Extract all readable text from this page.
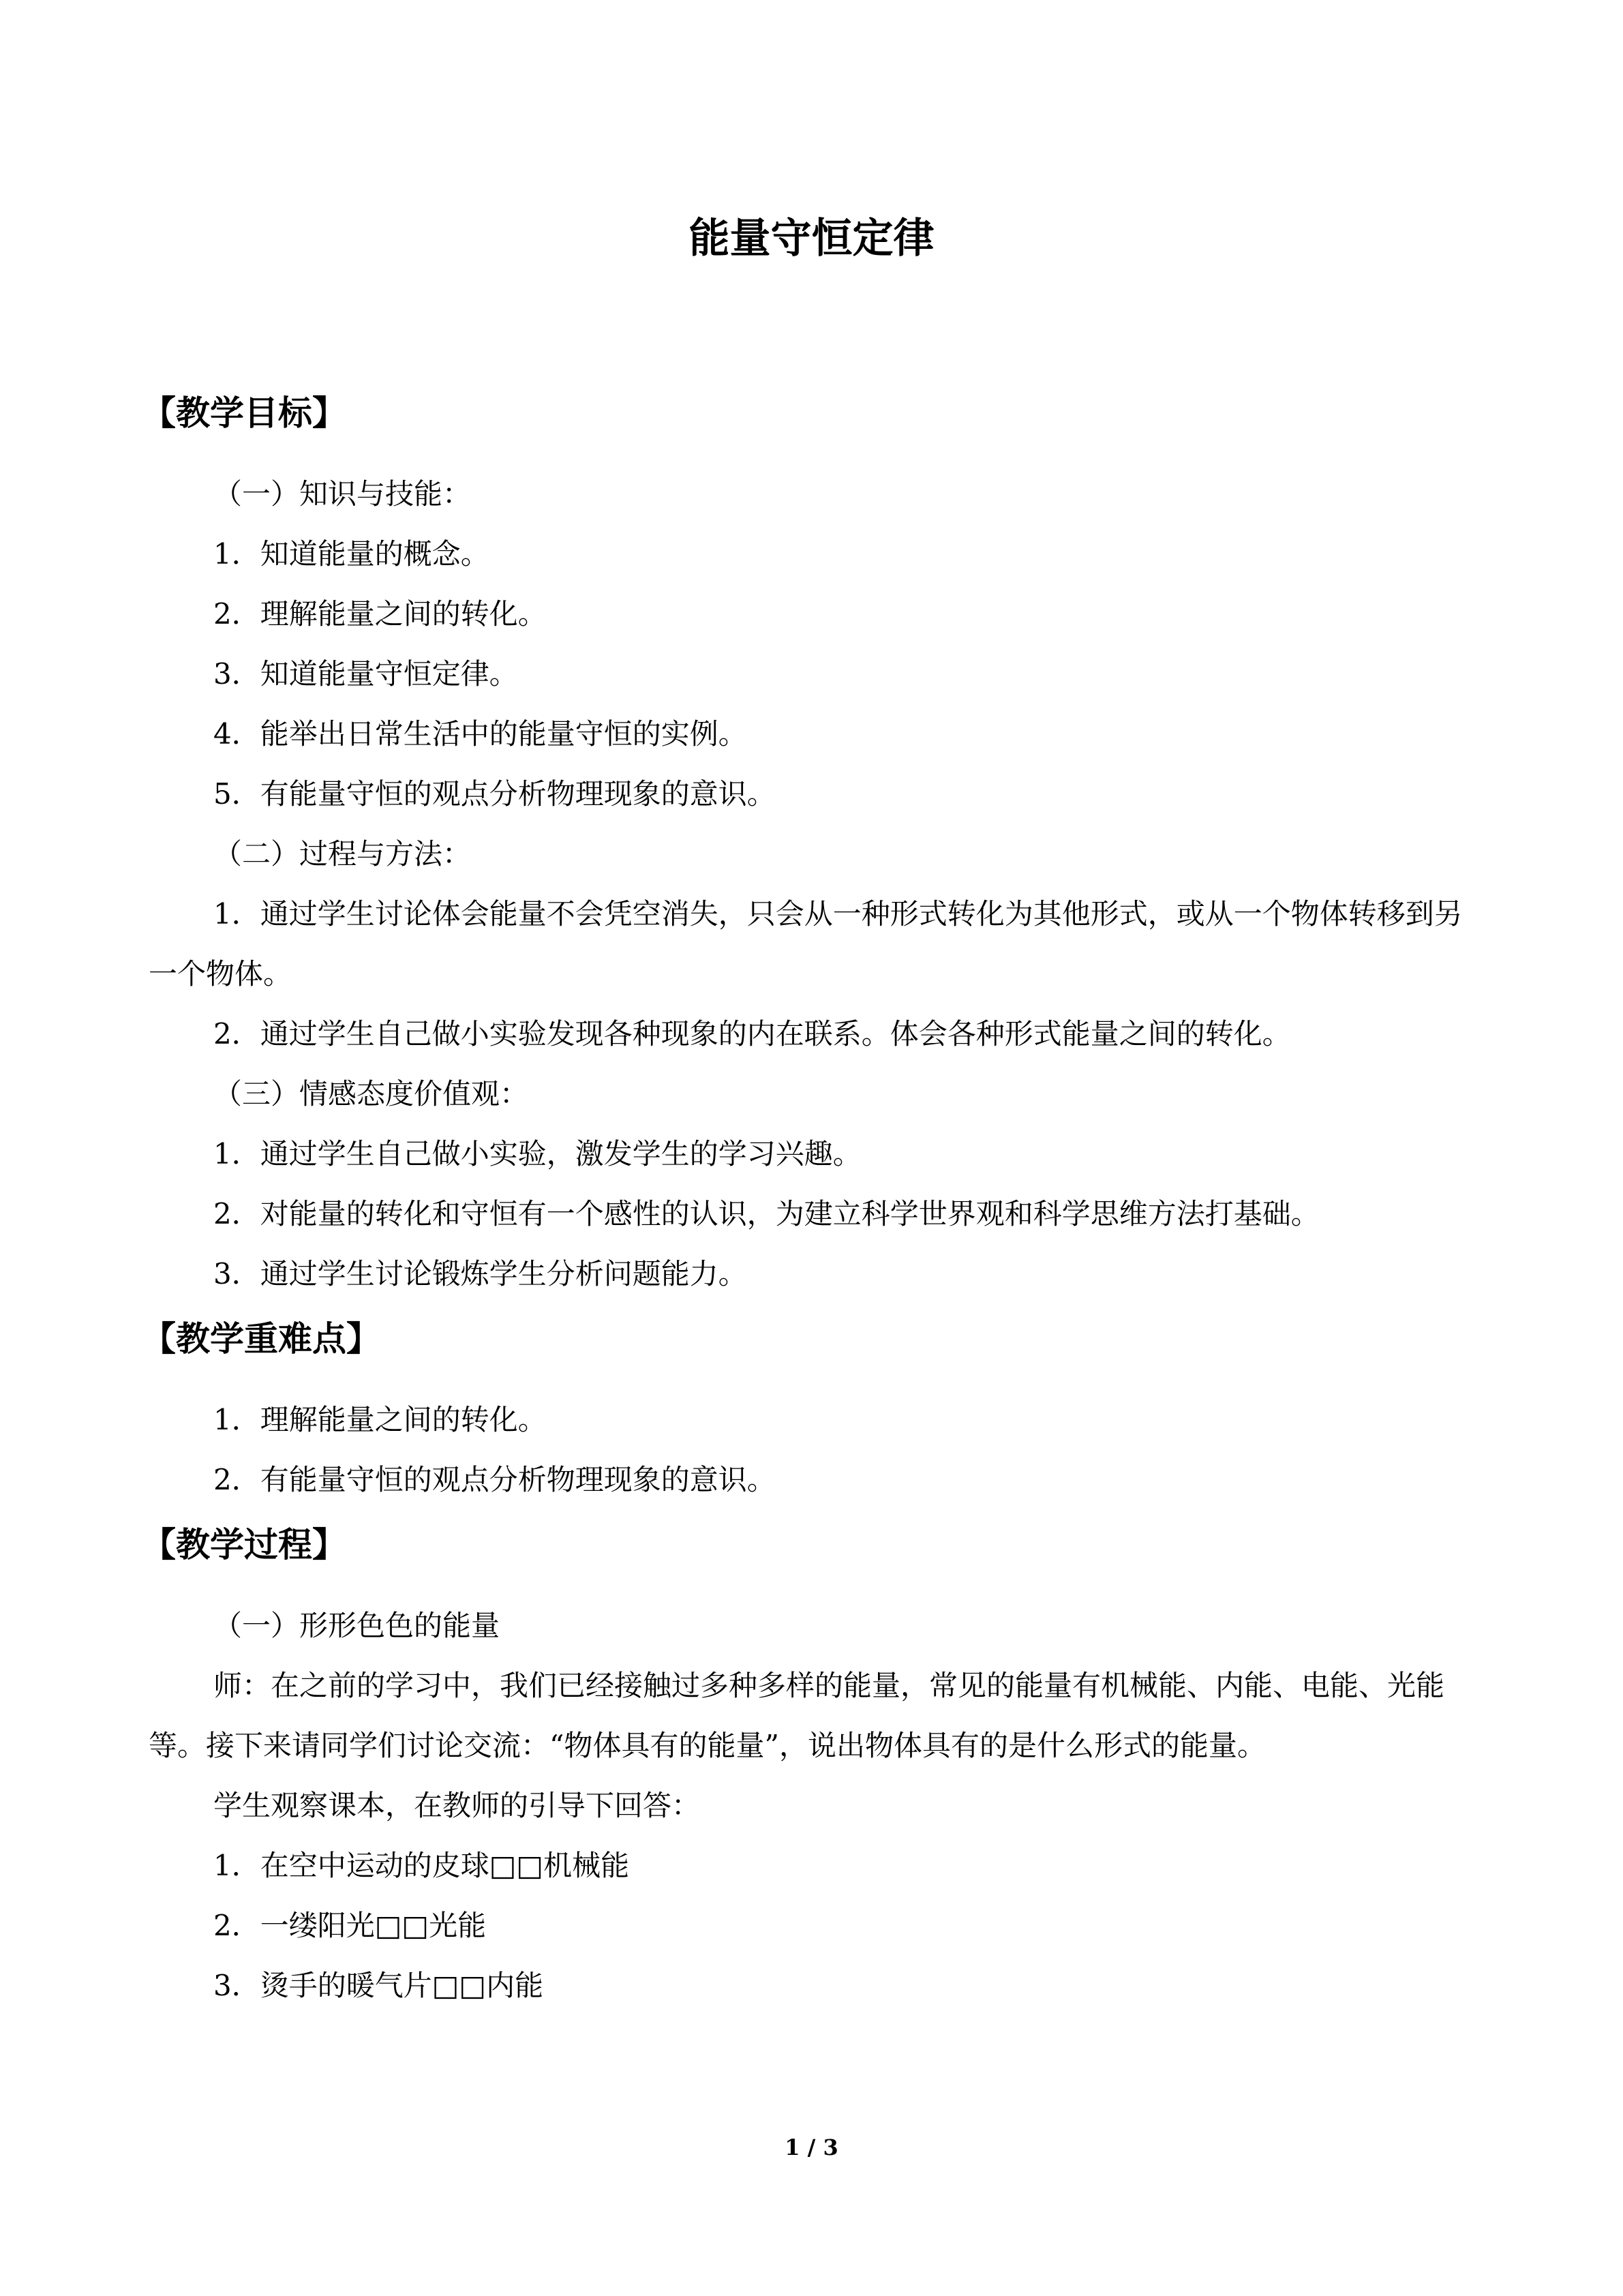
能量守恒定律
【教学目标】

（一）知识与技能：

1．知道能量的概念。

2．理解能量之间的转化。

3．知道能量守恒定律。

4．能举出日常生活中的能量守恒的实例。

5．有能量守恒的观点分析物理现象的意识。

（二）过程与方法：

1．通过学生讨论体会能量不会凭空消失，只会从一种形式转化为其他形式，或从一个物体转移到另一个物体。

2．通过学生自己做小实验发现各种现象的内在联系。体会各种形式能量之间的转化。

（三）情感态度价值观：

1．通过学生自己做小实验，激发学生的学习兴趣。

2．对能量的转化和守恒有一个感性的认识，为建立科学世界观和科学思维方法打基础。

3．通过学生讨论锻炼学生分析问题能力。

【教学重难点】

1．理解能量之间的转化。

2．有能量守恒的观点分析物理现象的意识。

【教学过程】

（一）形形色色的能量

师：在之前的学习中，我们已经接触过多种多样的能量，常见的能量有机械能、内能、电能、光能等。接下来请同学们讨论交流：“物体具有的能量”，说出物体具有的是什么形式的能量。

学生观察课本，在教师的引导下回答：

1．在空中运动的皮球□□机械能

2．一缕阳光□□光能

3．烫手的暖气片□□内能

1 / 3
